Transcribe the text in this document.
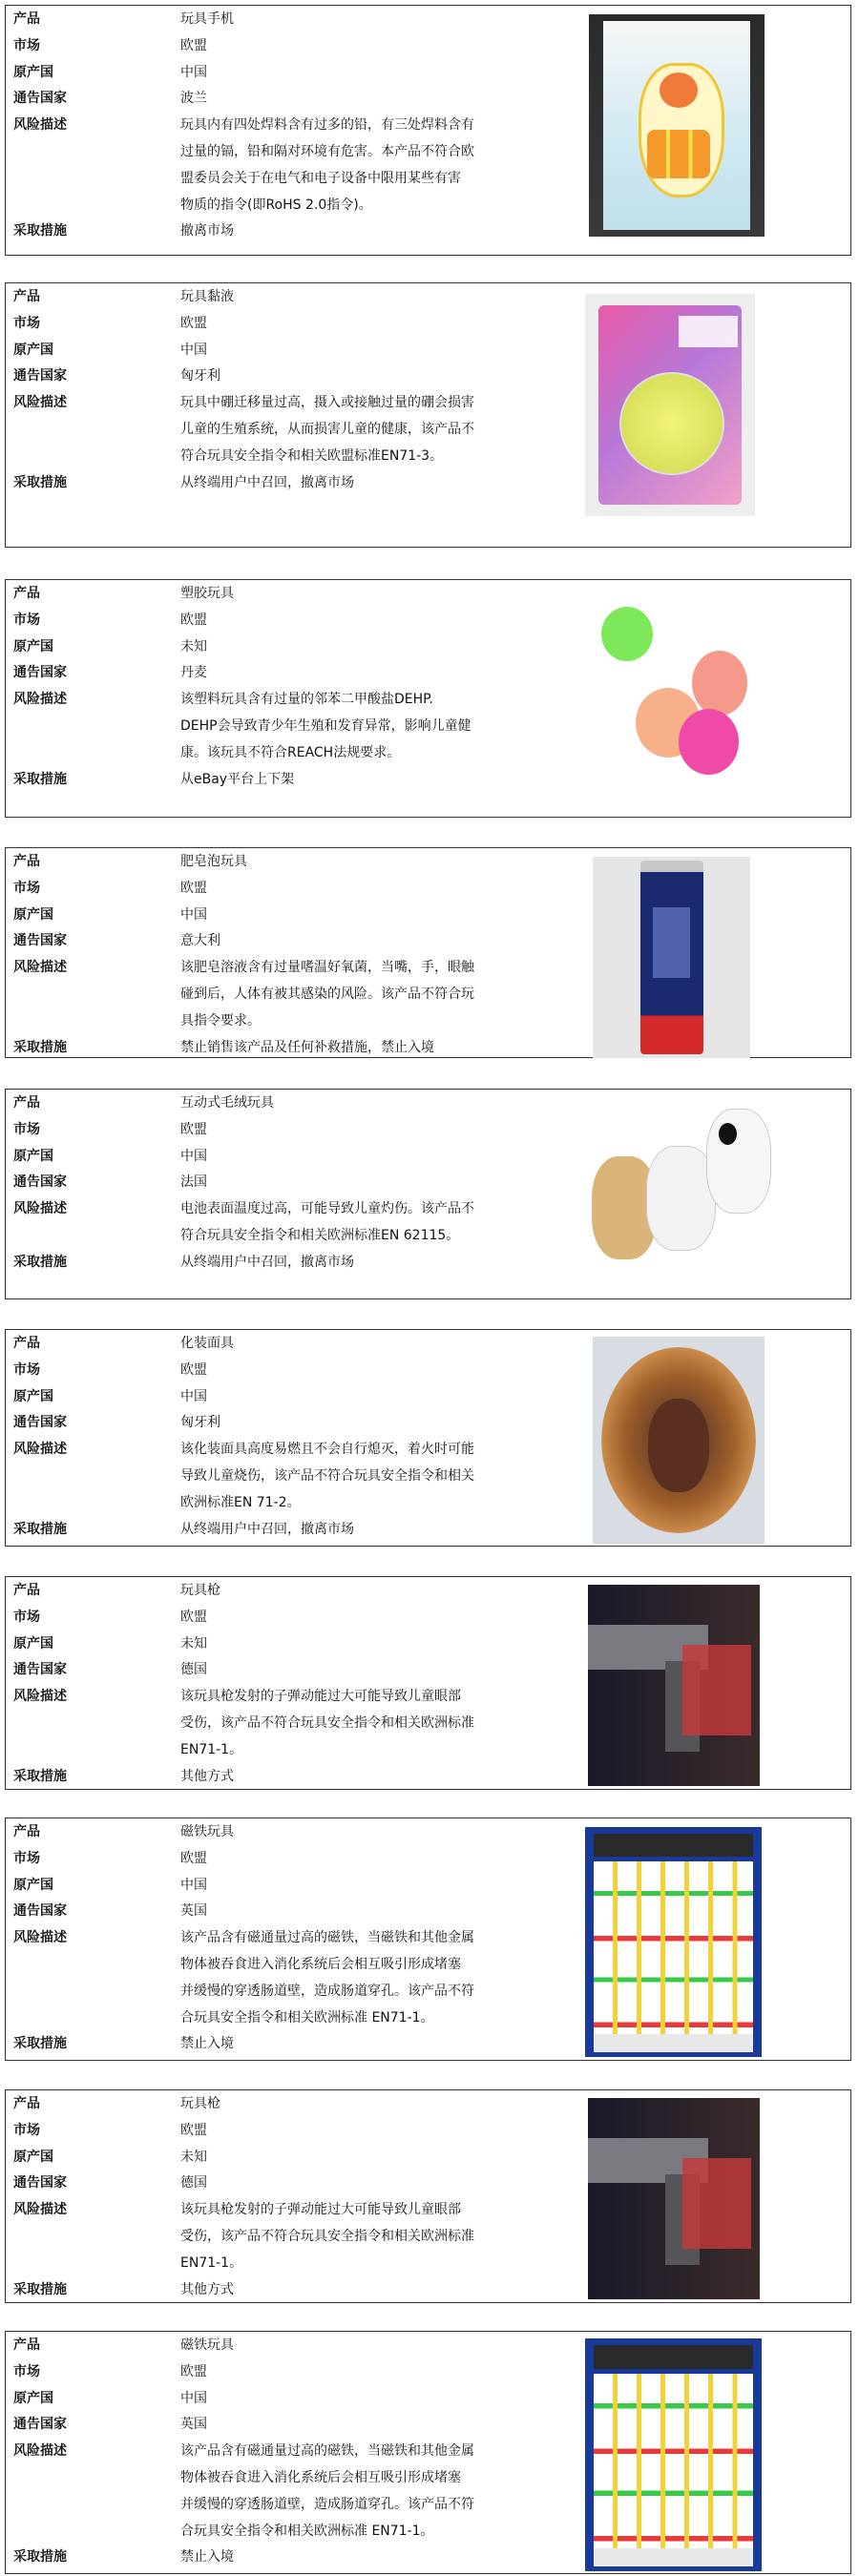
产品	玩具手机
市场	欧盟
原产国	中国
通告国家	波兰
风险描述	玩具内有四处焊料含有过多的铅，有三处焊料含有
过量的镉，铅和隔对环境有危害。本产品不符合欧
盟委员会关于在电气和电子设备中限用某些有害
物质的指令(即RoHS 2.0指令)。
采取措施	撤离市场
产品	玩具黏液
市场	欧盟
原产国	中国
通告国家	匈牙利
风险描述	玩具中硼迁移量过高，摄入或接触过量的硼会损害
儿童的生殖系统，从而损害儿童的健康，该产品不
符合玩具安全指令和相关欧盟标准EN71-3。
采取措施	从终端用户中召回，撤离市场
产品	塑胶玩具
市场	欧盟
原产国	未知
通告国家	丹麦
风险描述	该塑料玩具含有过量的邻苯二甲酸盐DEHP.
DEHP会导致青少年生殖和发育异常，影响儿童健
康。该玩具不符合REACH法规要求。
采取措施	从eBay平台上下架
产品	肥皂泡玩具
市场	欧盟
原产国	中国
通告国家	意大利
风险描述	该肥皂溶液含有过量嗜温好氧菌，当嘴，手，眼触
碰到后，人体有被其感染的风险。该产品不符合玩
具指令要求。
采取措施	禁止销售该产品及任何补救措施，禁止入境
产品	互动式毛绒玩具
市场	欧盟
原产国	中国
通告国家	法国
风险描述	电池表面温度过高，可能导致儿童灼伤。该产品不
符合玩具安全指令和相关欧洲标准EN 62115。
采取措施	从终端用户中召回，撤离市场
产品	化装面具
市场	欧盟
原产国	中国
通告国家	匈牙利
风险描述	该化装面具高度易燃且不会自行熄灭，着火时可能
导致儿童烧伤，该产品不符合玩具安全指令和相关
欧洲标准EN 71-2。
采取措施	从终端用户中召回，撤离市场
产品	玩具枪
市场	欧盟
原产国	未知
通告国家	德国
风险描述	该玩具枪发射的子弹动能过大可能导致儿童眼部
受伤，该产品不符合玩具安全指令和相关欧洲标准
EN71-1。
采取措施	其他方式
产品	磁铁玩具
市场	欧盟
原产国	中国
通告国家	英国
风险描述	该产品含有磁通量过高的磁铁，当磁铁和其他金属
物体被吞食进入消化系统后会相互吸引形成堵塞
并缓慢的穿透肠道壁，造成肠道穿孔。该产品不符
合玩具安全指令和相关欧洲标准 EN71-1。
采取措施	禁止入境
产品	玩具枪
市场	欧盟
原产国	未知
通告国家	德国
风险描述	该玩具枪发射的子弹动能过大可能导致儿童眼部
受伤，该产品不符合玩具安全指令和相关欧洲标准
EN71-1。
采取措施	其他方式
产品	磁铁玩具
市场	欧盟
原产国	中国
通告国家	英国
风险描述	该产品含有磁通量过高的磁铁，当磁铁和其他金属
物体被吞食进入消化系统后会相互吸引形成堵塞
并缓慢的穿透肠道壁，造成肠道穿孔。该产品不符
合玩具安全指令和相关欧洲标准 EN71-1。
采取措施	禁止入境
